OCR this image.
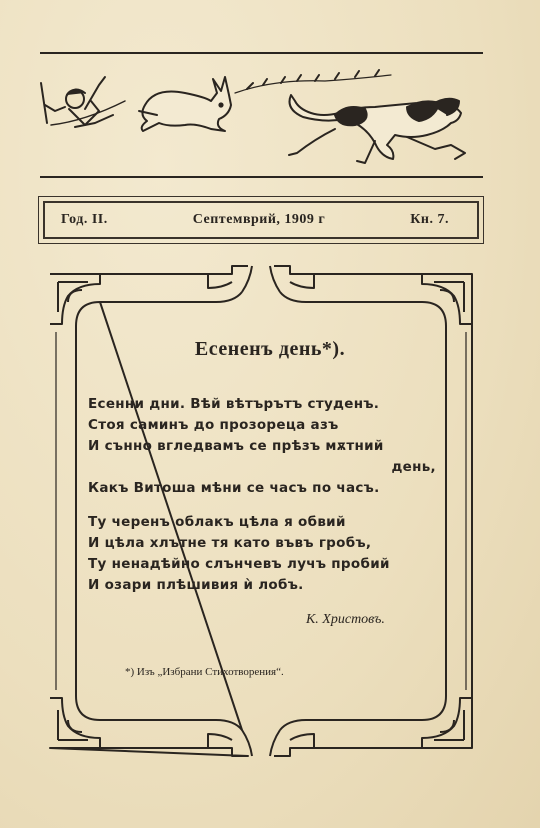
Год. II.	Септемврий, 1909 г	Кн. 7.
Есененъ день*).
Есенни дни. Вѣй вѣтърътъ студенъ.
Стоя саминъ до прозореца азъ
И сънно вгледвамъ се прѣзъ мѫтний
день,
Какъ Витоша мѣни се часъ по часъ.
Ту черенъ облакъ цѣла я обвий
И цѣла хлътне тя като въвъ гробъ,
Ту ненадѣйно слънчевъ лучъ пробий
И озари плѣшивия ѝ лобъ.
К. Христовъ.
*) Изъ „Избрани Стихотворения“.
